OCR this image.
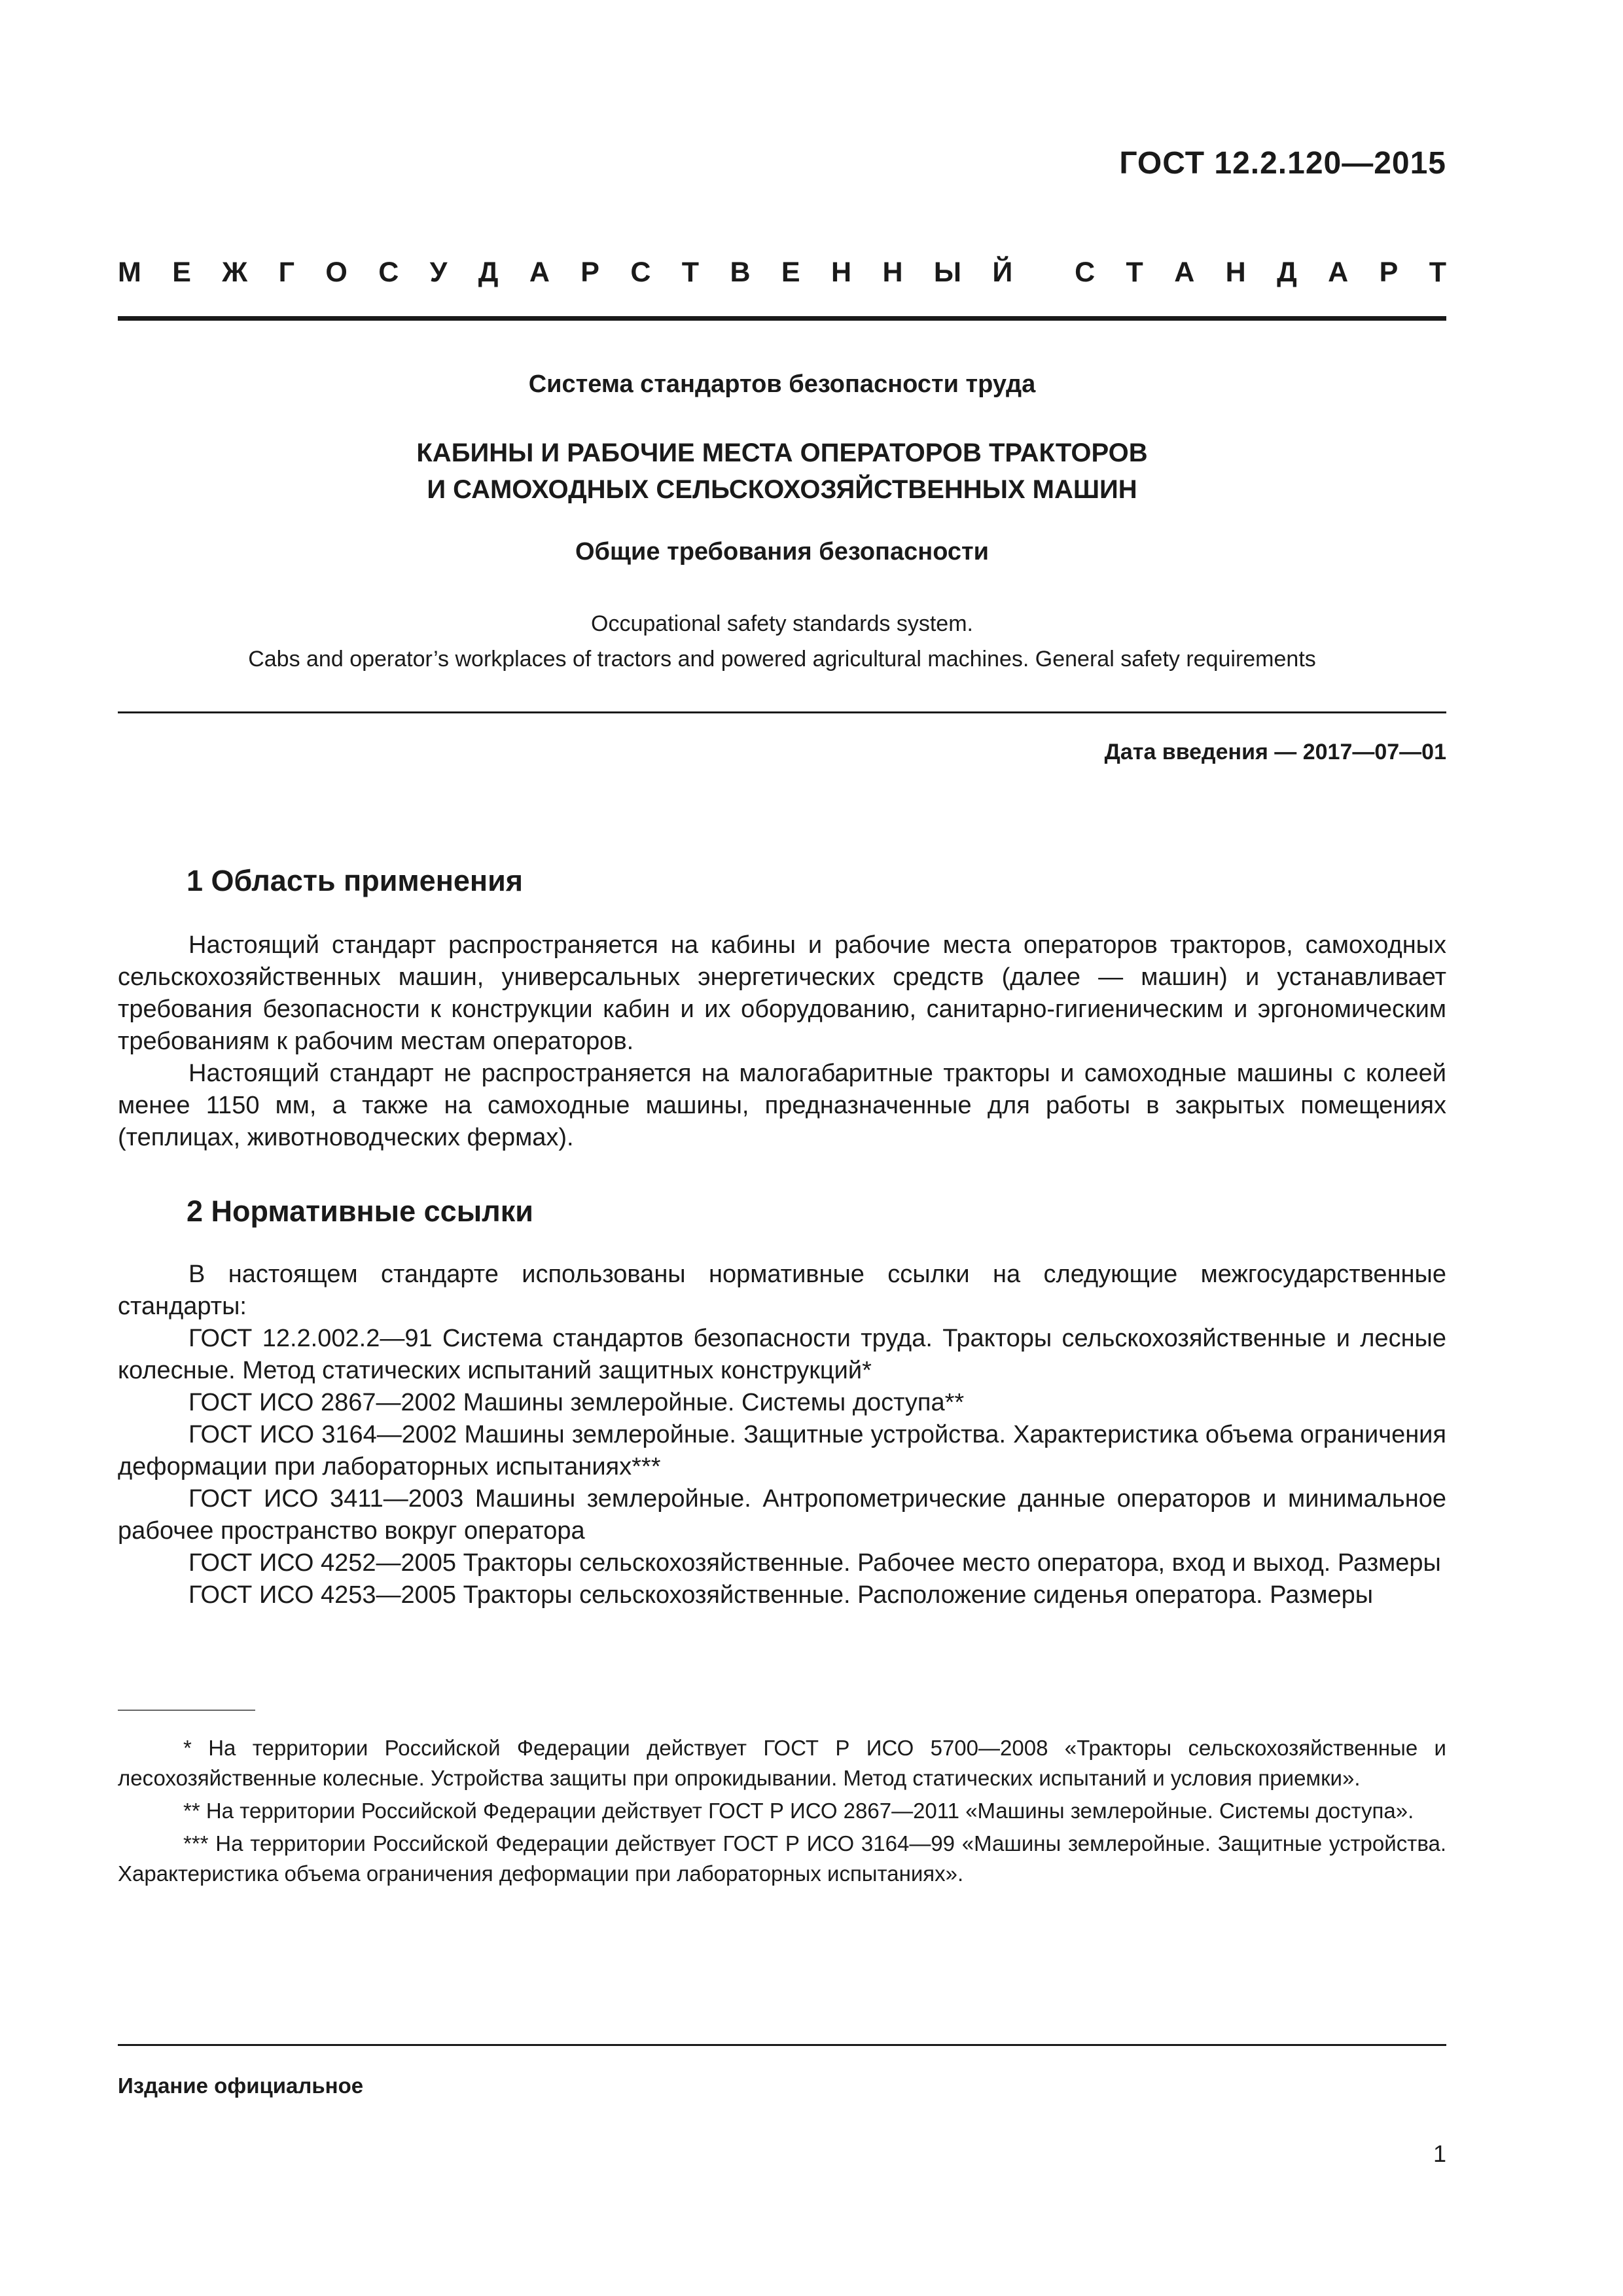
ГОСТ 12.2.120—2015
М Е Ж Г О С У Д А Р С Т В Е Н Н Ы Й С Т А Н Д А Р Т
Система стандартов безопасности труда
КАБИНЫ И РАБОЧИЕ МЕСТА ОПЕРАТОРОВ ТРАКТОРОВ
И САМОХОДНЫХ СЕЛЬСКОХОЗЯЙСТВЕННЫХ МАШИН
Общие требования безопасности
Occupational safety standards system.
Cabs and operator’s workplaces of tractors and powered agricultural machines. General safety requirements
Дата введения — 2017—07—01
1 Область применения

Настоящий стандарт распространяется на кабины и рабочие места операторов тракторов, самоходных сельскохозяйственных машин, универсальных энергетических средств (далее — машин) и устанавливает требования безопасности к конструкции кабин и их оборудованию, санитарно-гигиеническим и эргономическим требованиям к рабочим местам операторов.

Настоящий стандарт не распространяется на малогабаритные тракторы и самоходные машины с колеей менее 1150 мм, а также на самоходные машины, предназначенные для работы в закрытых помещениях (теплицах, животноводческих фермах).

2 Нормативные ссылки

В настоящем стандарте использованы нормативные ссылки на следующие межгосударственные стандарты:

ГОСТ 12.2.002.2—91 Система стандартов безопасности труда. Тракторы сельскохозяйственные и лесные колесные. Метод статических испытаний защитных конструкций*

ГОСТ ИСО 2867—2002 Машины землеройные. Системы доступа**

ГОСТ ИСО 3164—2002 Машины землеройные. Защитные устройства. Характеристика объема ограничения деформации при лабораторных испытаниях***

ГОСТ ИСО 3411—2003 Машины землеройные. Антропометрические данные операторов и минимальное рабочее пространство вокруг оператора

ГОСТ ИСО 4252—2005 Тракторы сельскохозяйственные. Рабочее место оператора, вход и выход. Размеры

ГОСТ ИСО 4253—2005 Тракторы сельскохозяйственные. Расположение сиденья оператора. Размеры

* На территории Российской Федерации действует ГОСТ Р ИСО 5700—2008 «Тракторы сельскохозяйственные и лесохозяйственные колесные. Устройства защиты при опрокидывании. Метод статических испытаний и условия приемки».

** На территории Российской Федерации действует ГОСТ Р ИСО 2867—2011 «Машины землеройные. Системы доступа».

*** На территории Российской Федерации действует ГОСТ Р ИСО 3164—99 «Машины землеройные. Защитные устройства. Характеристика объема ограничения деформации при лабораторных испытаниях».

Издание официальное
1
